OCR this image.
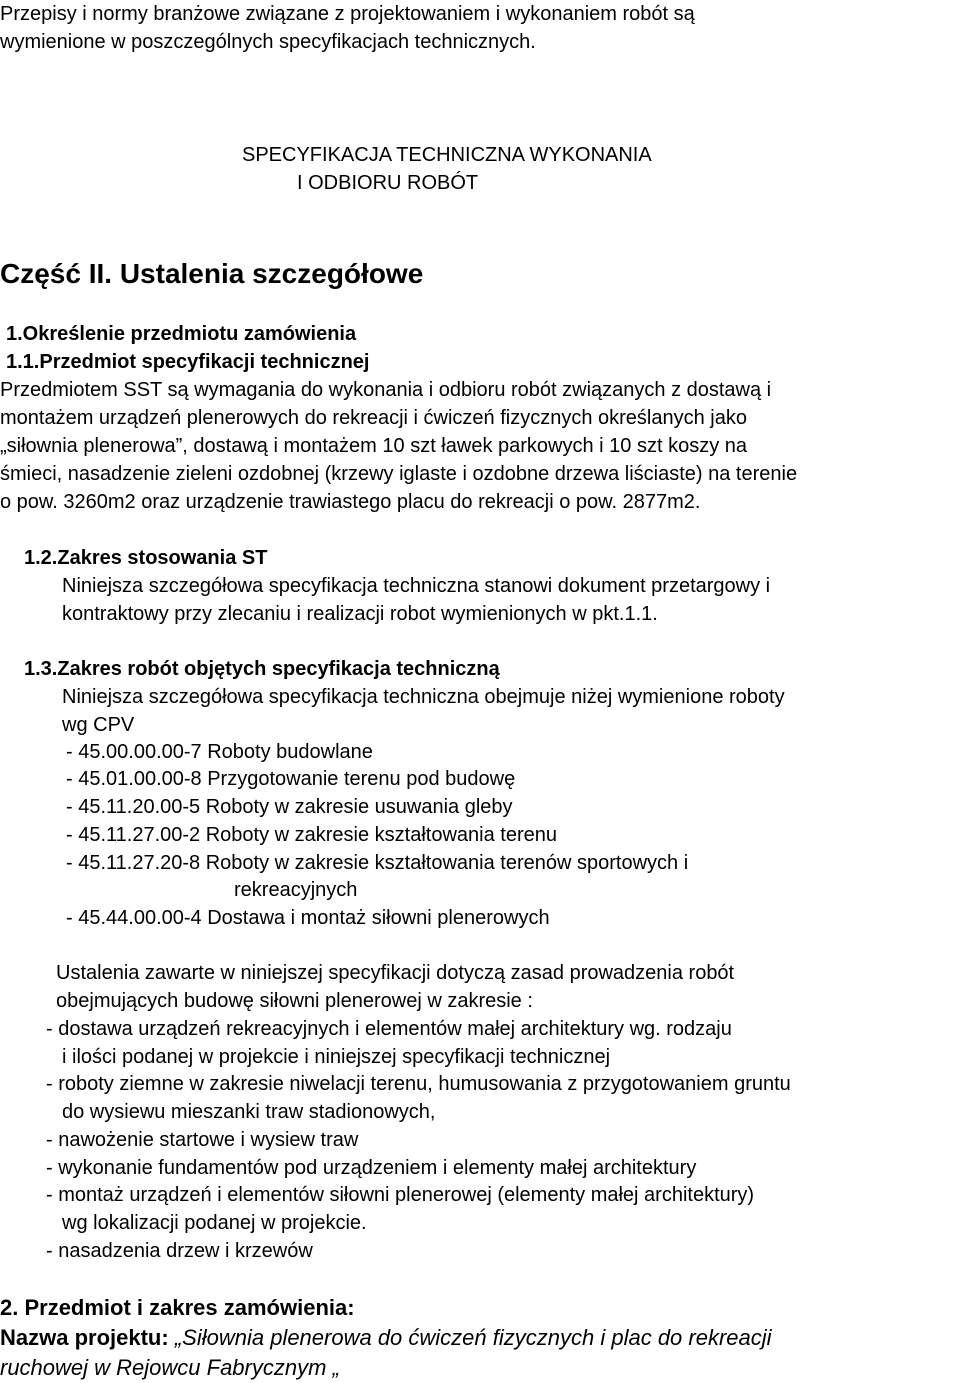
Przepisy i normy branżowe związane z projektowaniem i wykonaniem robót są
wymienione w poszczególnych specyfikacjach technicznych.
SPECYFIKACJA TECHNICZNA WYKONANIA
I ODBIORU ROBÓT
Część II. Ustalenia szczegółowe
1.Określenie przedmiotu zamówienia
1.1.Przedmiot specyfikacji technicznej
Przedmiotem SST są wymagania do wykonania i odbioru robót związanych z dostawą i
montażem urządzeń plenerowych do rekreacji i ćwiczeń fizycznych określanych jako
„siłownia plenerowa”, dostawą i montażem 10 szt ławek parkowych i 10 szt koszy na
śmieci, nasadzenie zieleni ozdobnej (krzewy iglaste i ozdobne drzewa liściaste) na terenie
o pow. 3260m2 oraz urządzenie trawiastego placu do rekreacji o pow. 2877m2.
1.2.Zakres stosowania ST
Niniejsza szczegółowa specyfikacja techniczna stanowi dokument przetargowy i
kontraktowy przy zlecaniu i realizacji robot wymienionych w pkt.1.1.
1.3.Zakres robót objętych specyfikacja techniczną
Niniejsza szczegółowa specyfikacja techniczna obejmuje niżej wymienione roboty
wg CPV
- 45.00.00.00-7 Roboty budowlane
- 45.01.00.00-8 Przygotowanie terenu pod budowę
- 45.11.20.00-5 Roboty w zakresie usuwania gleby
- 45.11.27.00-2 Roboty w zakresie kształtowania terenu
- 45.11.27.20-8 Roboty w zakresie kształtowania terenów sportowych i
rekreacyjnych
- 45.44.00.00-4 Dostawa i montaż siłowni plenerowych
Ustalenia zawarte w niniejszej specyfikacji dotyczą zasad prowadzenia robót
obejmujących budowę siłowni plenerowej w zakresie :
- dostawa urządzeń rekreacyjnych i elementów małej architektury wg. rodzaju
i ilości podanej w projekcie i niniejszej specyfikacji technicznej
- roboty ziemne w zakresie niwelacji terenu, humusowania z przygotowaniem gruntu
do wysiewu mieszanki traw stadionowych,
- nawożenie startowe i wysiew traw
- wykonanie fundamentów pod urządzeniem i elementy małej architektury
- montaż urządzeń i elementów siłowni plenerowej (elementy małej architektury)
wg lokalizacji podanej w projekcie.
- nasadzenia drzew i krzewów
2. Przedmiot i zakres zamówienia:
Nazwa projektu: „Siłownia plenerowa do ćwiczeń fizycznych i plac do rekreacji
ruchowej w Rejowcu Fabrycznym „
